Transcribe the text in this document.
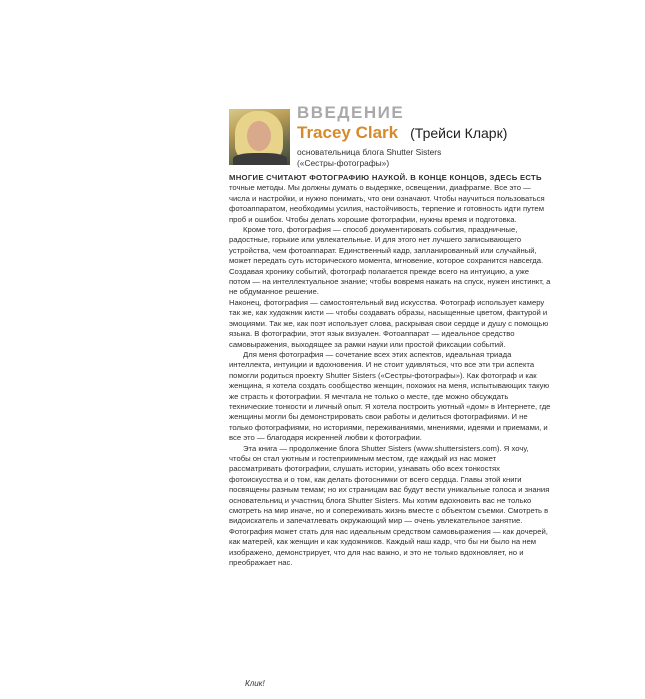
ВВЕДЕНИЕ
Tracey Clark (Трейси Кларк)
основательница блога Shutter Sisters
(«Сестры-фотографы»)

МНОГИЕ СЧИТАЮТ ФОТОГРАФИЮ НАУКОЙ. В КОНЦЕ КОНЦОВ, ЗДЕСЬ ЕСТЬ точные методы. Мы должны думать о выдержке, освещении, диафрагме. Все это — числа и настройки, и нужно понимать, что они означают. Чтобы научиться пользоваться фотоаппаратом, необходимы усилия, настойчивость, терпение и готовность идти путем проб и ошибок. Чтобы делать хорошие фотографии, нужны время и подготовка.

Кроме того, фотография — способ документировать события, праздничные, радостные, горькие или увлекательные. И для этого нет лучшего записывающего устройства, чем фотоаппарат. Единственный кадр, запланированный или случайный, может передать суть исторического момента, мгновение, которое сохранится навсегда. Создавая хронику событий, фотограф полагается прежде всего на интуицию, а уже потом — на интеллектуальное знание; чтобы вовремя нажать на спуск, нужен инстинкт, а не обдуманное решение.

Наконец, фотография — самостоятельный вид искусства. Фотограф использует камеру так же, как художник кисти — чтобы создавать образы, насыщенные цветом, фактурой и эмоциями. Так же, как поэт использует слова, раскрывая свои сердце и душу с помощью языка. В фотографии, этот язык визуален. Фотоаппарат — идеальное средство самовыражения, выходящее за рамки науки или простой фиксации событий.

Для меня фотография — сочетание всех этих аспектов, идеальная триада интеллекта, интуиции и вдохновения. И не стоит удивляться, что все эти три аспекта помогли родиться проекту Shutter Sisters («Сестры-фотографы»). Как фотограф и как женщина, я хотела создать сообщество женщин, похожих на меня, испытывающих такую же страсть к фотографии. Я мечтала не только о месте, где можно обсуждать технические тонкости и личный опыт. Я хотела построить уютный «дом» в Интернете, где женщины могли бы демонстрировать свои работы и делиться фотографиями. И не только фотографиями, но историями, переживаниями, мнениями, идеями и приемами, и все это — благодаря искренней любви к фотографии.

Эта книга — продолжение блога Shutter Sisters (www.shuttersisters.com). Я хочу, чтобы он стал уютным и гостеприимным местом, где каждый из нас может рассматривать фотографии, слушать истории, узнавать обо всех тонкостях фотоискусства и о том, как делать фотоснимки от всего сердца. Главы этой книги посвящены разным темам; но их страницам вас будут вести уникальные голоса и знания основательниц и участниц блога Shutter Sisters. Мы хотим вдохновить вас не только смотреть на мир иначе, но и сопереживать жизнь вместе с объектом съемки. Смотреть в видоискатель и запечатлевать окружающий мир — очень увлекательное занятие. Фотография может стать для нас идеальным средством самовыражения — как дочерей, как матерей, как женщин и как художников. Каждый наш кадр, что бы ни было на нем изображено, демонстрирует, что для нас важно, и это не только вдохновляет, но и преображает нас.

Клик!
